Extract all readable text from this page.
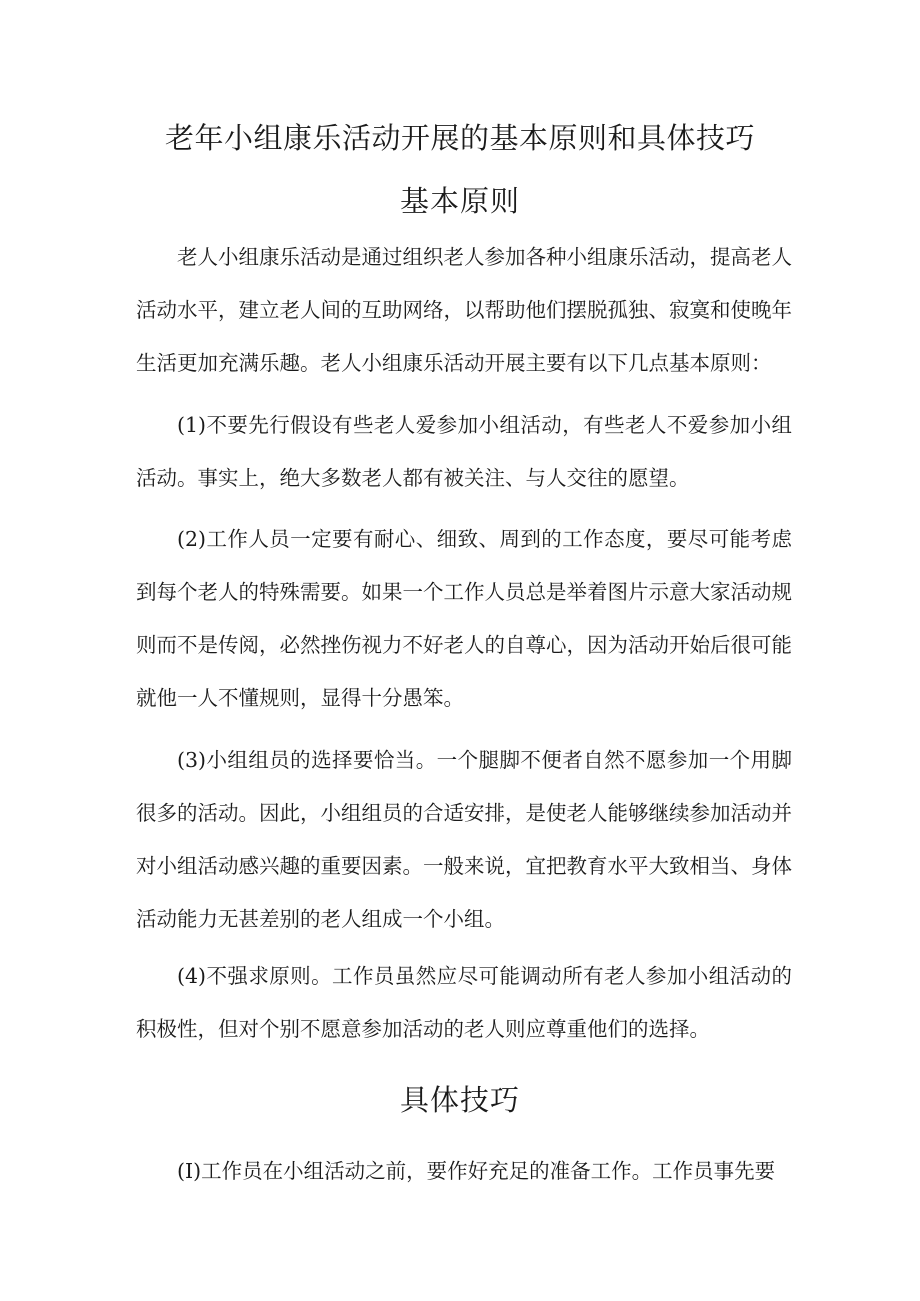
老年小组康乐活动开展的基本原则和具体技巧
基本原则

老人小组康乐活动是通过组织老人参加各种小组康乐活动，提高老人活动水平，建立老人间的互助网络，以帮助他们摆脱孤独、寂寞和使晚年生活更加充满乐趣。老人小组康乐活动开展主要有以下几点基本原则：

(1)不要先行假设有些老人爱参加小组活动，有些老人不爱参加小组活动。事实上，绝大多数老人都有被关注、与人交往的愿望。

(2)工作人员一定要有耐心、细致、周到的工作态度，要尽可能考虑到每个老人的特殊需要。如果一个工作人员总是举着图片示意大家活动规则而不是传阅，必然挫伤视力不好老人的自尊心，因为活动开始后很可能就他一人不懂规则，显得十分愚笨。

(3)小组组员的选择要恰当。一个腿脚不便者自然不愿参加一个用脚很多的活动。因此，小组组员的合适安排，是使老人能够继续参加活动并对小组活动感兴趣的重要因素。一般来说，宜把教育水平大致相当、身体活动能力无甚差别的老人组成一个小组。

(4)不强求原则。工作员虽然应尽可能调动所有老人参加小组活动的积极性，但对个别不愿意参加活动的老人则应尊重他们的选择。

具体技巧

(I)工作员在小组活动之前，要作好充足的准备工作。工作员事先要
